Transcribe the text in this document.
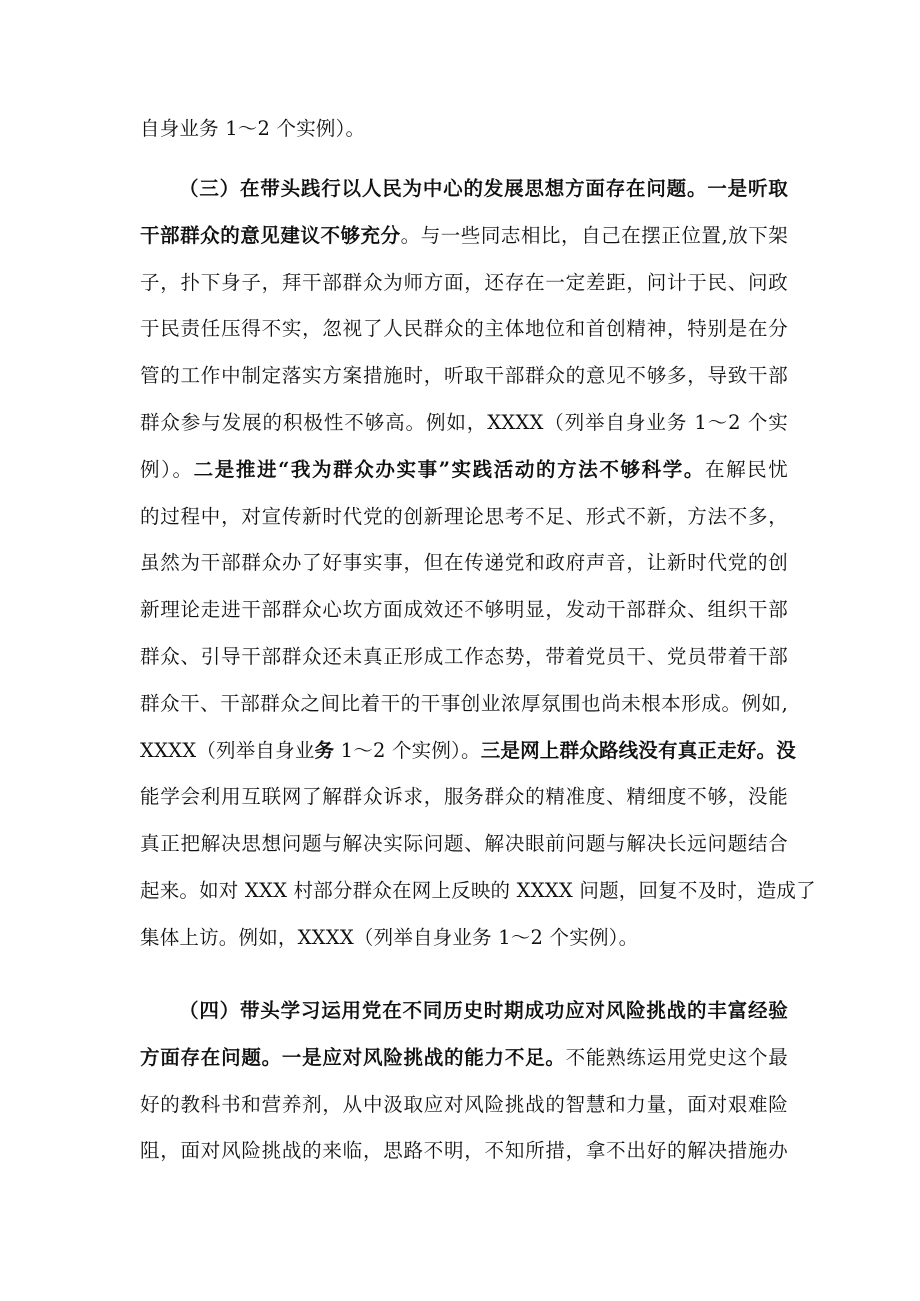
自身业务 1～2 个实例）。
（三）在带头践行以人民为中心的发展思想方面存在问题。一是听取
干部群众的意见建议不够充分。与一些同志相比，自己在摆正位置,放下架
子，扑下身子，拜干部群众为师方面，还存在一定差距，问计于民、问政
于民责任压得不实，忽视了人民群众的主体地位和首创精神，特别是在分
管的工作中制定落实方案措施时，听取干部群众的意见不够多，导致干部
群众参与发展的积极性不够高。例如，XXXX（列举自身业务 1～2 个实
例）。二是推进“我为群众办实事”实践活动的方法不够科学。在解民忧
的过程中，对宣传新时代党的创新理论思考不足、形式不新，方法不多，
虽然为干部群众办了好事实事，但在传递党和政府声音，让新时代党的创
新理论走进干部群众心坎方面成效还不够明显，发动干部群众、组织干部
群众、引导干部群众还未真正形成工作态势，带着党员干、党员带着干部
群众干、干部群众之间比着干的干事创业浓厚氛围也尚未根本形成。例如,
XXXX（列举自身业务 1～2 个实例）。三是网上群众路线没有真正走好。没
能学会利用互联网了解群众诉求，服务群众的精准度、精细度不够，没能
真正把解决思想问题与解决实际问题、解决眼前问题与解决长远问题结合
起来。如对 XXX 村部分群众在网上反映的 XXXX 问题，回复不及时，造成了
集体上访。例如，XXXX（列举自身业务 1～2 个实例）。
（四）带头学习运用党在不同历史时期成功应对风险挑战的丰富经验
方面存在问题。一是应对风险挑战的能力不足。不能熟练运用党史这个最
好的教科书和营养剂，从中汲取应对风险挑战的智慧和力量，面对艰难险
阻，面对风险挑战的来临，思路不明，不知所措，拿不出好的解决措施办
